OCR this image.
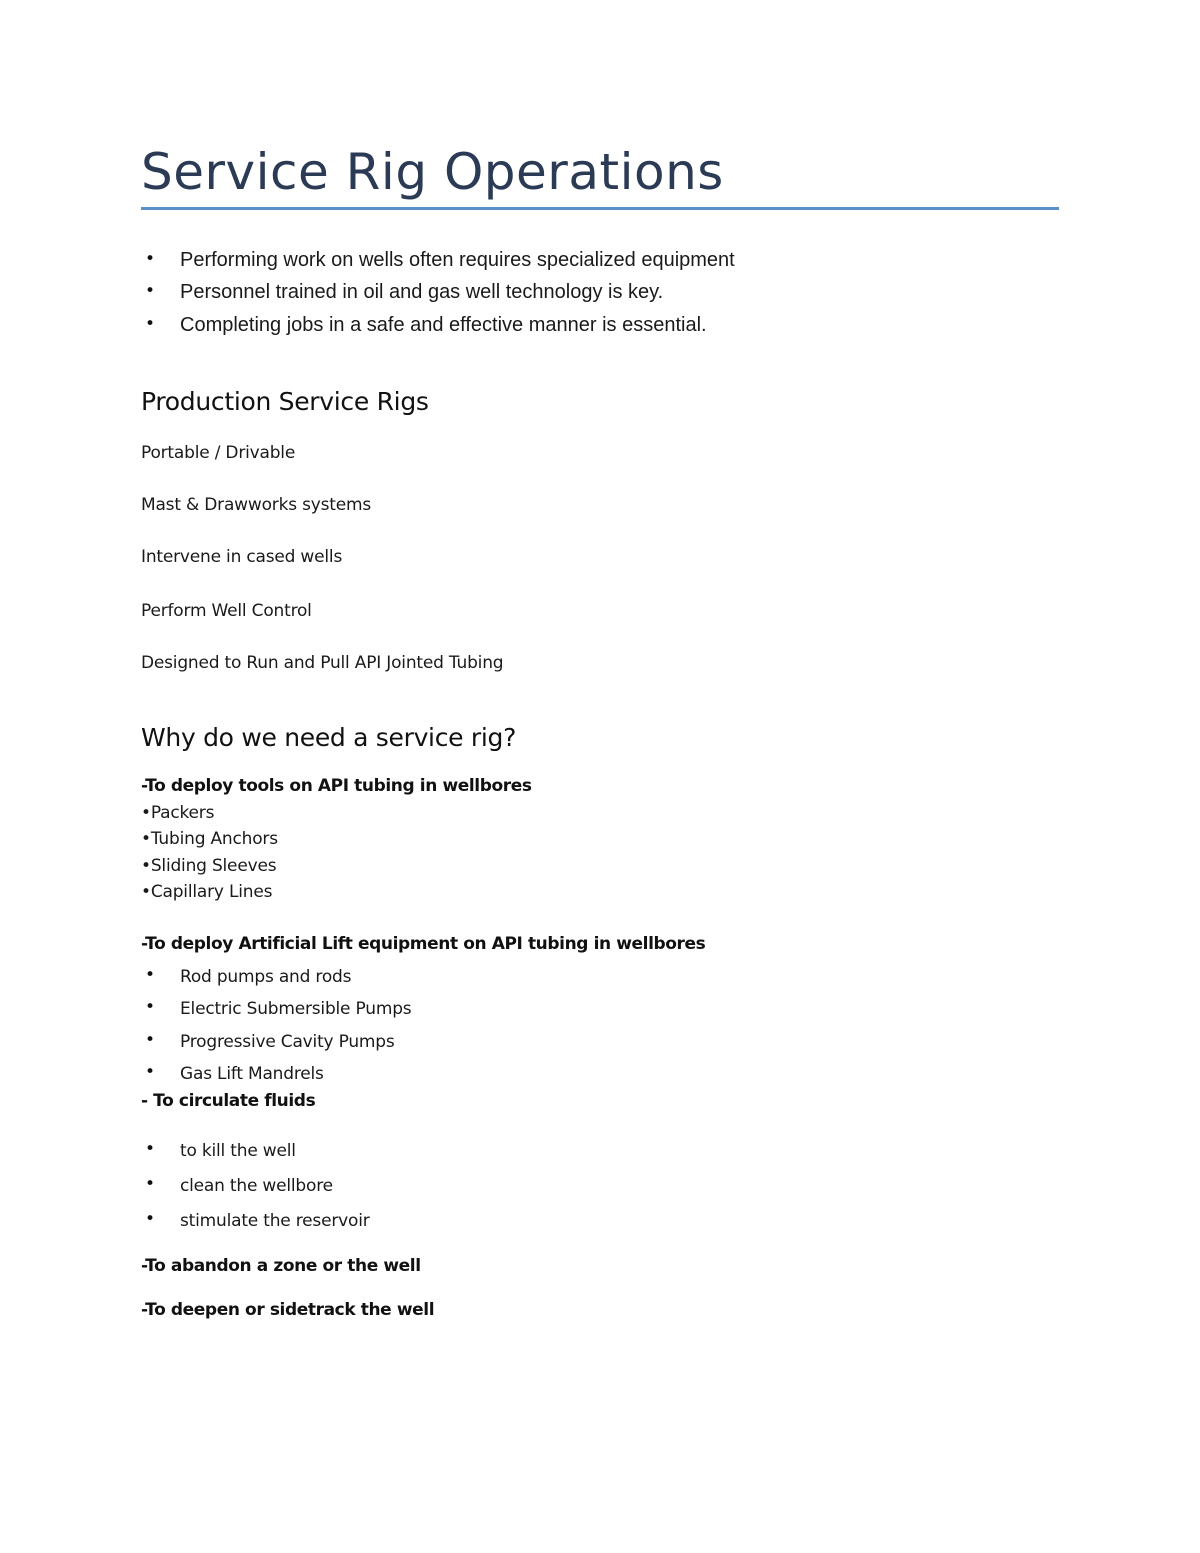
Service Rig Operations
• Performing work on wells often requires specialized equipment
• Personnel trained in oil and gas well technology is key.
• Completing jobs in a safe and effective manner is essential.
Production Service Rigs
Portable / Drivable
Mast & Drawworks systems
Intervene in cased wells
Perform Well Control
Designed to Run and Pull API Jointed Tubing
Why do we need a service rig?
-To deploy tools on API tubing in wellbores
•Packers
•Tubing Anchors
•Sliding Sleeves
•Capillary Lines
-To deploy Artificial Lift equipment on API tubing in wellbores
• Rod pumps and rods
• Electric Submersible Pumps
• Progressive Cavity Pumps
• Gas Lift Mandrels
- To circulate fluids
• to kill the well
• clean the wellbore
• stimulate the reservoir
-To abandon a zone or the well
-To deepen or sidetrack the well
